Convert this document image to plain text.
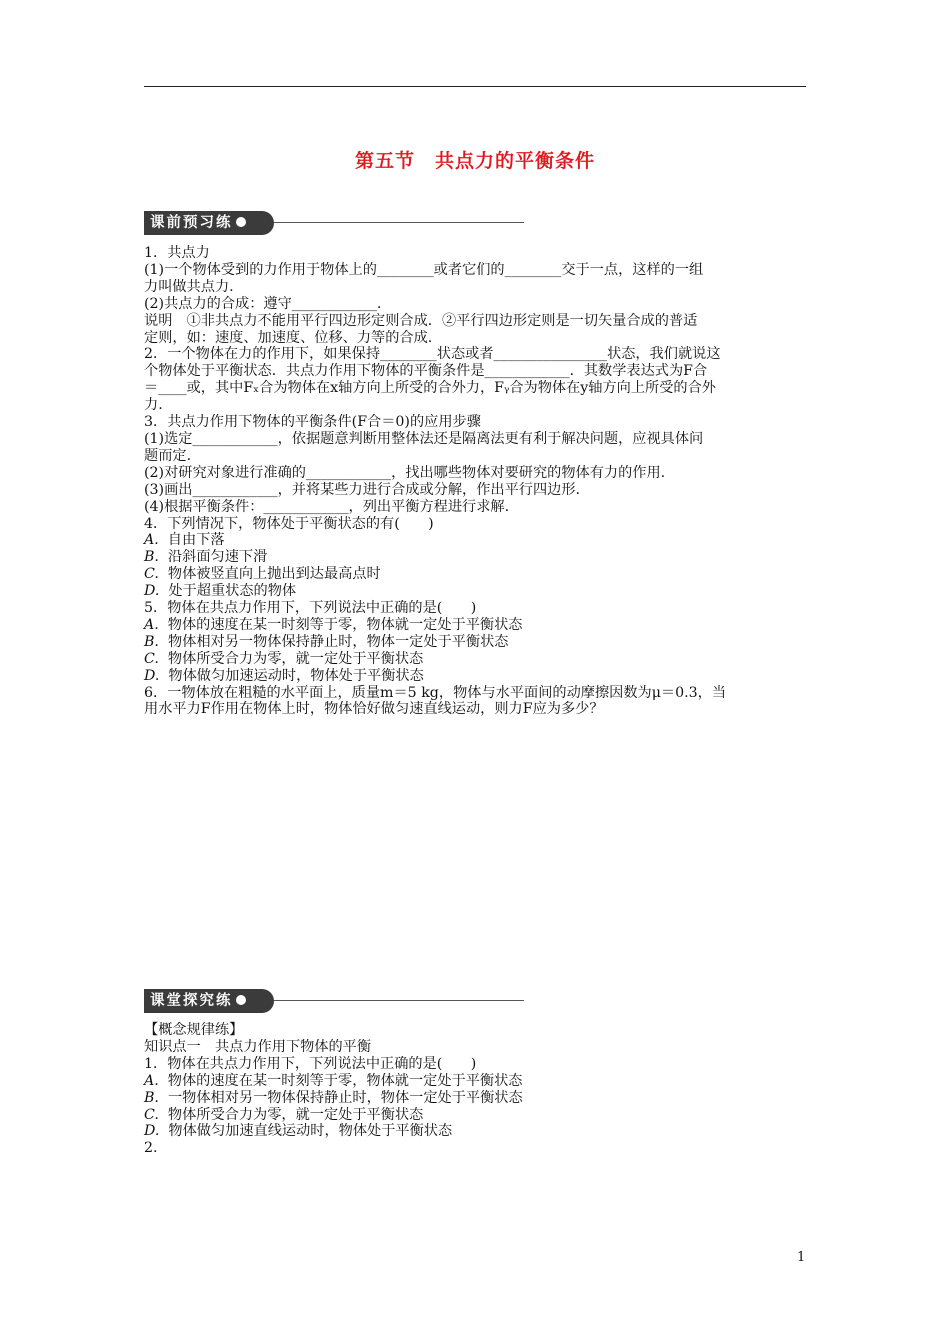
第五节　共点力的平衡条件
课前预习练

1．共点力

(1)一个物体受到的力作用于物体上的________或者它们的________交于一点，这样的一组

力叫做共点力.

(2)共点力的合成：遵守____________.

说明　①非共点力不能用平行四边形定则合成．②平行四边形定则是一切矢量合成的普适

定则，如：速度、加速度、位移、力等的合成.

2．一个物体在力的作用下，如果保持________状态或者________________状态，我们就说这

个物体处于平衡状态．共点力作用下物体的平衡条件是____________．其数学表达式为F合

＝____或，其中Fₓ合为物体在x轴方向上所受的合外力，Fᵧ合为物体在y轴方向上所受的合外

力.

3．共点力作用下物体的平衡条件(F合＝0)的应用步骤

(1)选定____________，依据题意判断用整体法还是隔离法更有利于解决问题，应视具体问

题而定.

(2)对研究对象进行准确的____________，找出哪些物体对要研究的物体有力的作用.

(3)画出____________，并将某些力进行合成或分解，作出平行四边形.

(4)根据平衡条件：____________，列出平衡方程进行求解.

4．下列情况下，物体处于平衡状态的有(　　)

A. 自由下落

B. 沿斜面匀速下滑

C. 物体被竖直向上抛出到达最高点时

D. 处于超重状态的物体

5．物体在共点力作用下，下列说法中正确的是(　　)

A. 物体的速度在某一时刻等于零，物体就一定处于平衡状态

B. 物体相对另一物体保持静止时，物体一定处于平衡状态

C. 物体所受合力为零，就一定处于平衡状态

D. 物体做匀加速运动时，物体处于平衡状态

6．一物体放在粗糙的水平面上，质量m＝5 kg，物体与水平面间的动摩擦因数为μ＝0.3，当

用水平力F作用在物体上时，物体恰好做匀速直线运动，则力F应为多少？

课堂探究练

【概念规律练】

知识点一　共点力作用下物体的平衡

1．物体在共点力作用下，下列说法中正确的是(　　)

A. 物体的速度在某一时刻等于零，物体就一定处于平衡状态

B. 一物体相对另一物体保持静止时，物体一定处于平衡状态

C. 物体所受合力为零，就一定处于平衡状态

D. 物体做匀加速直线运动时，物体处于平衡状态

2.

1
